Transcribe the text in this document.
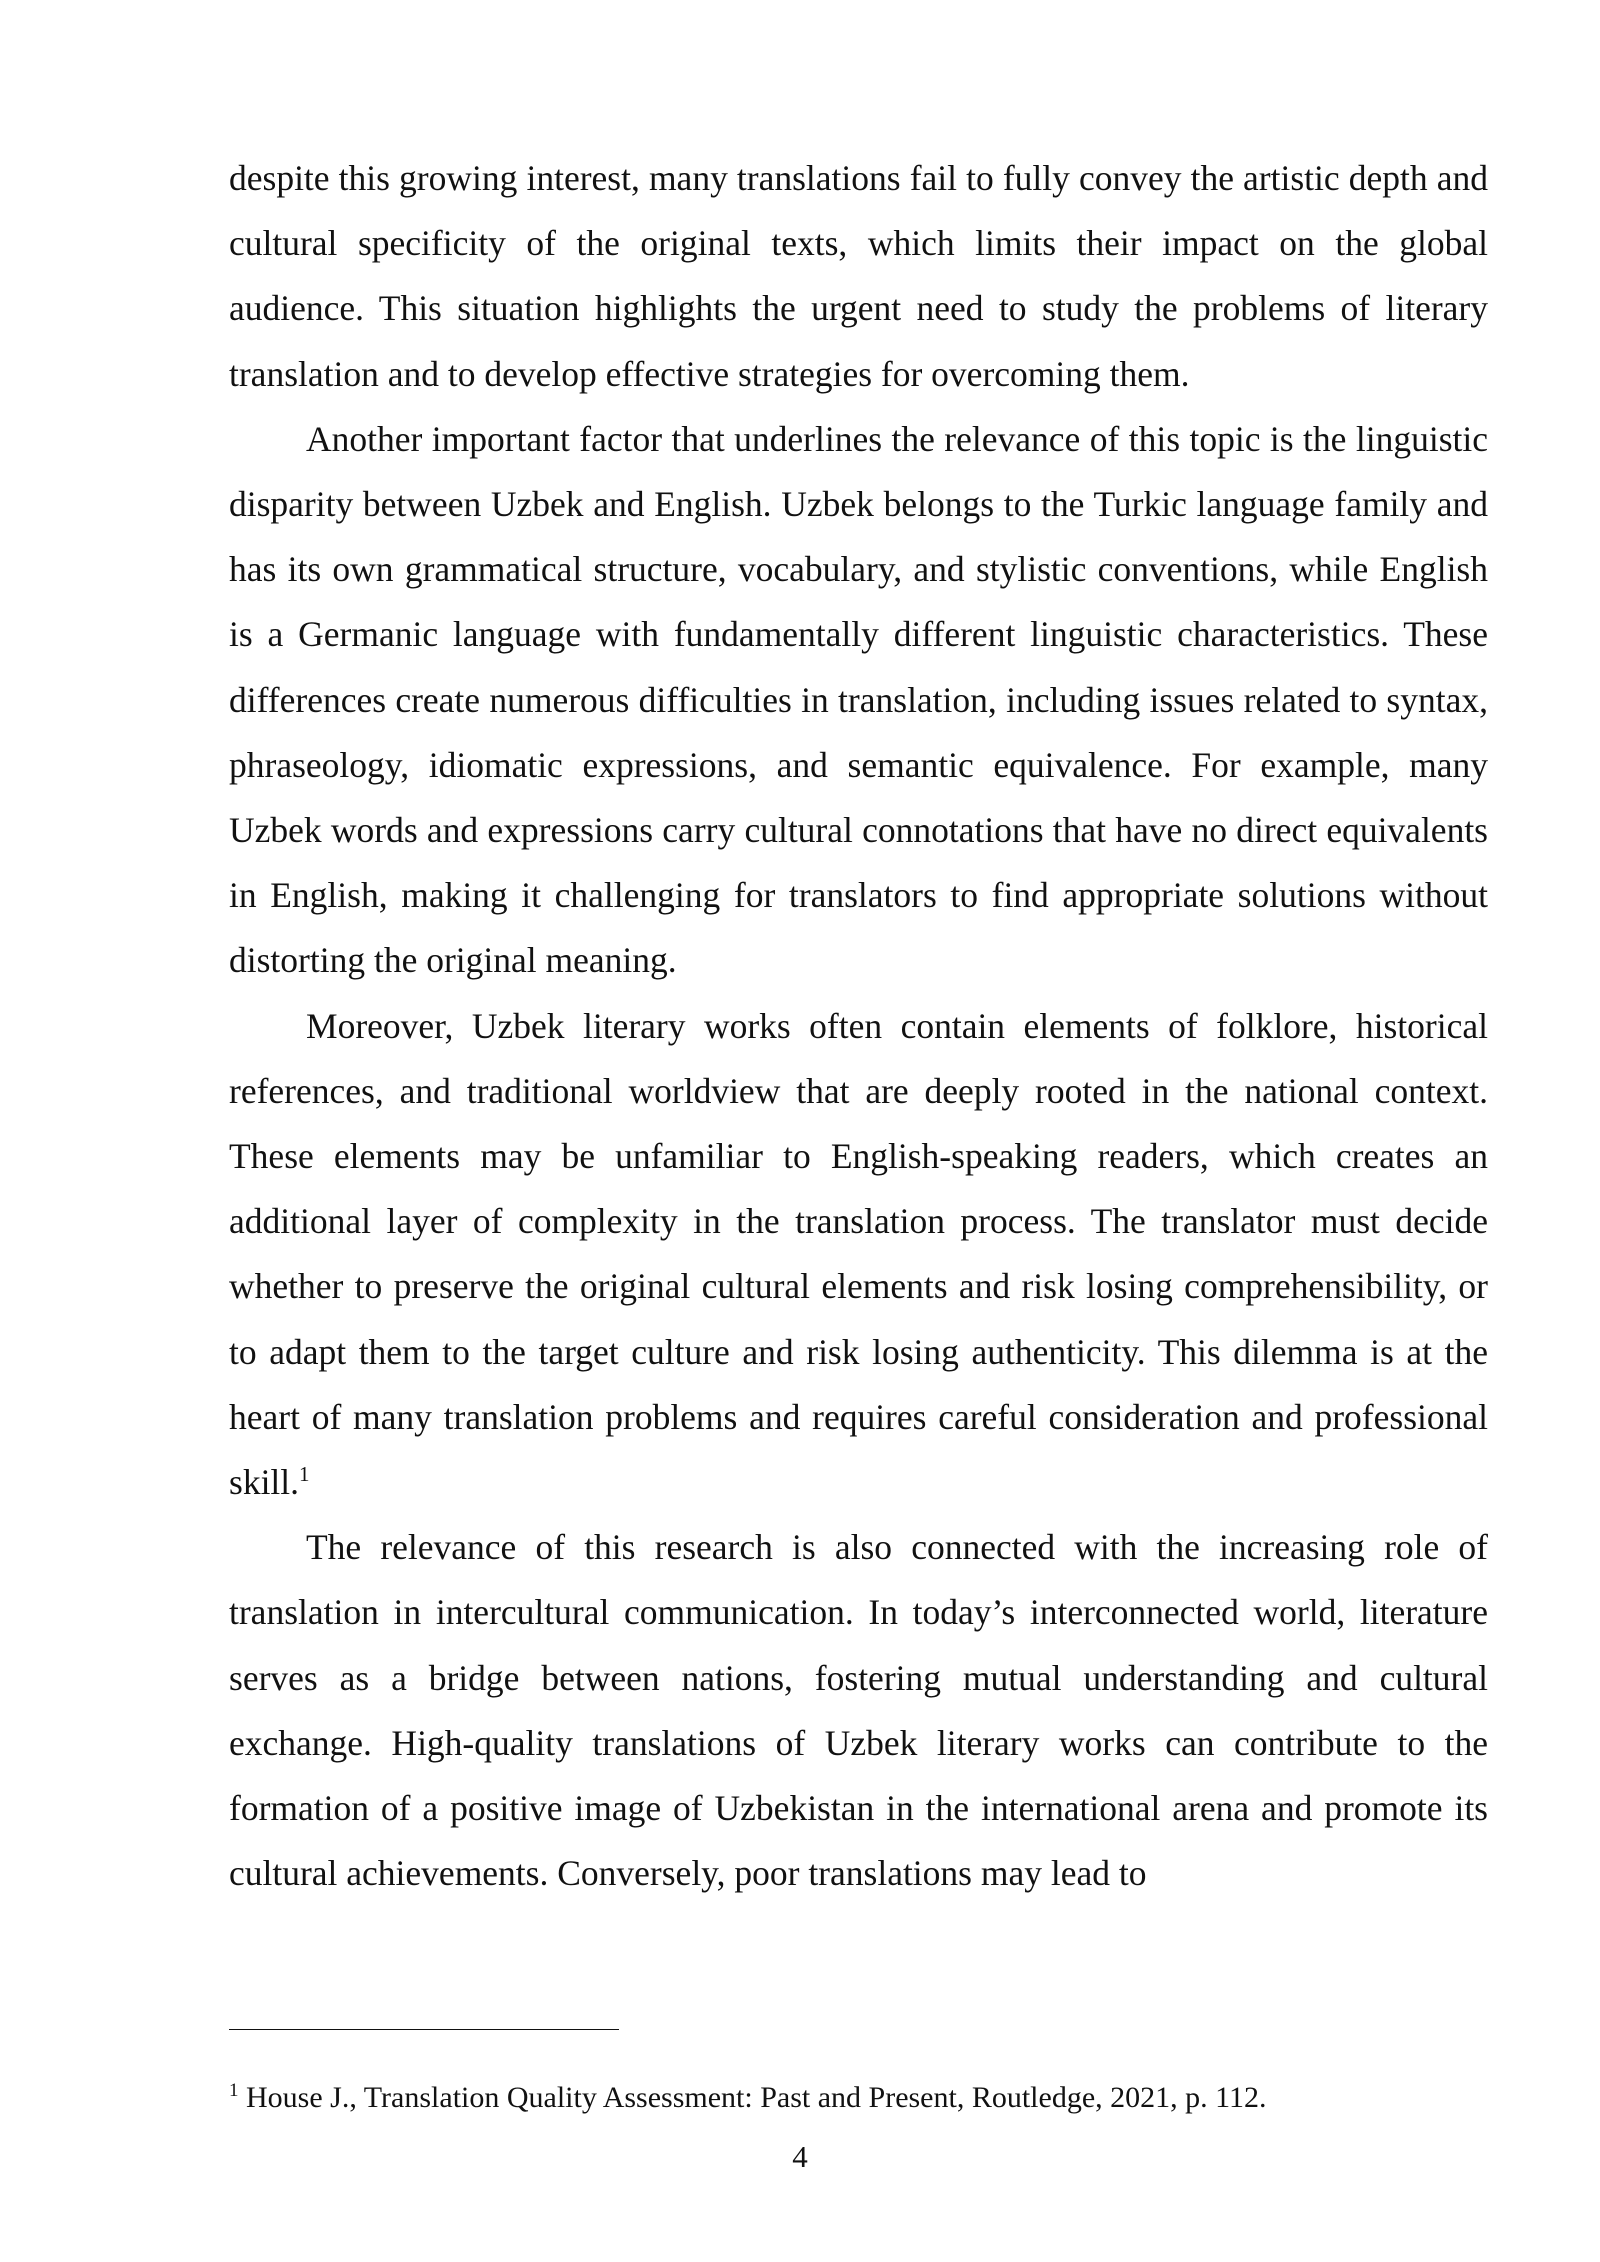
despite this growing interest, many translations fail to fully convey the artistic depth and cultural specificity of the original texts, which limits their impact on the global audience. This situation highlights the urgent need to study the problems of literary translation and to develop effective strategies for overcoming them.

Another important factor that underlines the relevance of this topic is the linguistic disparity between Uzbek and English. Uzbek belongs to the Turkic language family and has its own grammatical structure, vocabulary, and stylistic conventions, while English is a Germanic language with fundamentally different linguistic characteristics. These differences create numerous difficulties in translation, including issues related to syntax, phraseology, idiomatic expressions, and semantic equivalence. For example, many Uzbek words and expressions carry cultural connotations that have no direct equivalents in English, making it challenging for translators to find appropriate solutions without distorting the original meaning.

Moreover, Uzbek literary works often contain elements of folklore, historical references, and traditional worldview that are deeply rooted in the national context. These elements may be unfamiliar to English-speaking readers, which creates an additional layer of complexity in the translation process. The translator must decide whether to preserve the original cultural elements and risk losing comprehensibility, or to adapt them to the target culture and risk losing authenticity. This dilemma is at the heart of many translation problems and requires careful consideration and professional skill.$^1$

The relevance of this research is also connected with the increasing role of translation in intercultural communication. In today’s interconnected world, literature serves as a bridge between nations, fostering mutual understanding and cultural exchange. High-quality translations of Uzbek literary works can contribute to the formation of a positive image of Uzbekistan in the international arena and promote its cultural achievements. Conversely, poor translations may lead to

$^1$ House J., Translation Quality Assessment: Past and Present, Routledge, 2021, p. 112.
4
